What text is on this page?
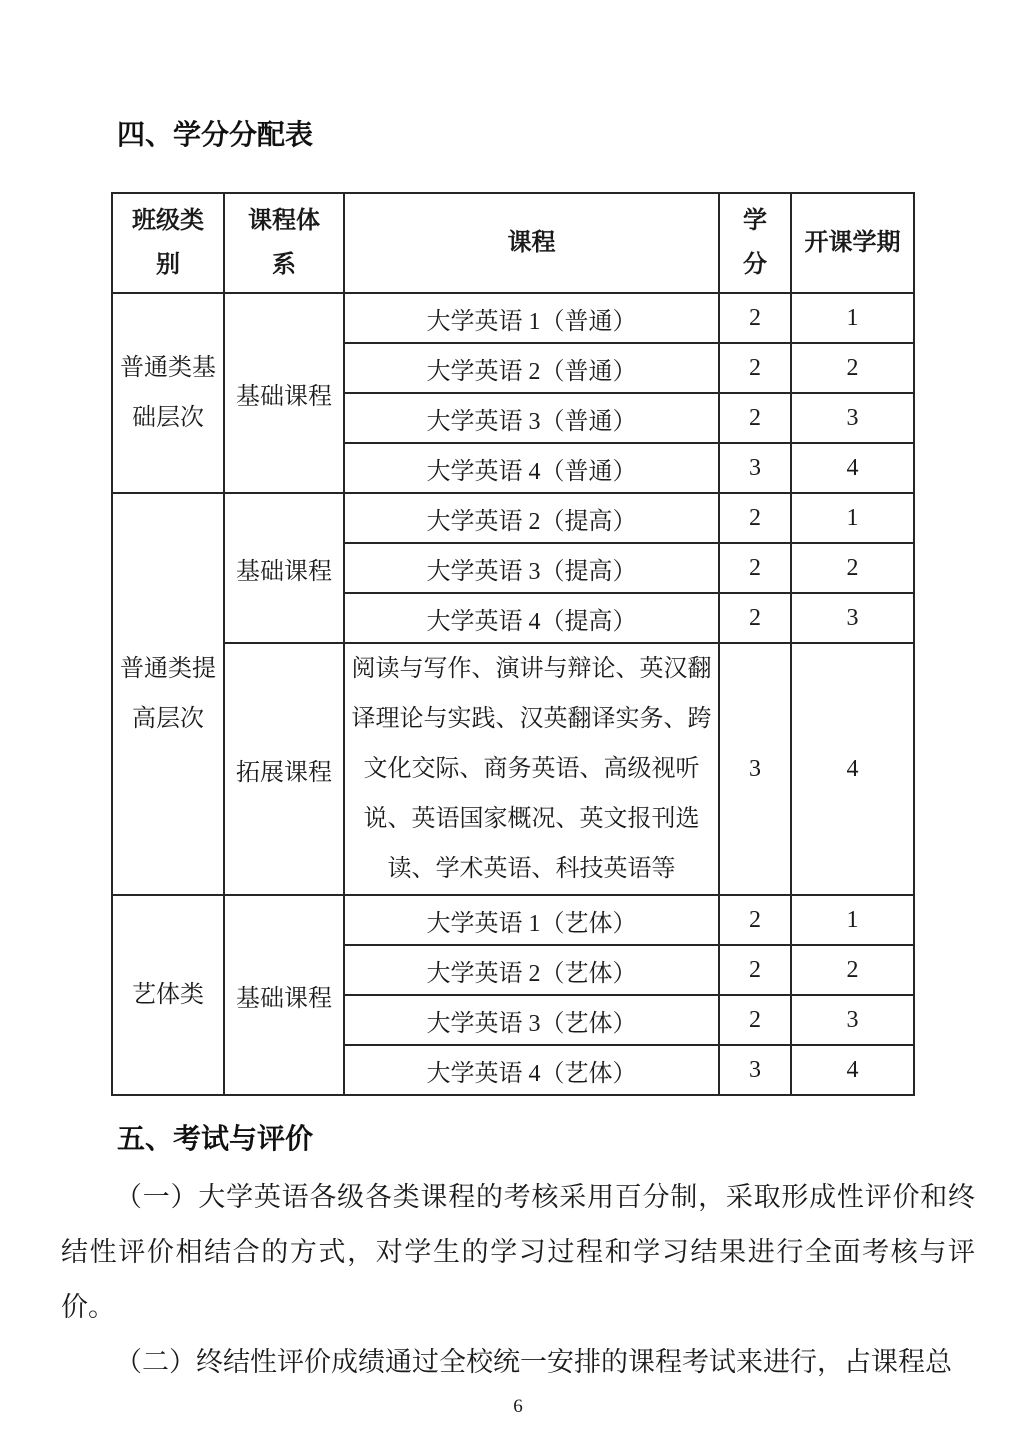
四、学分分配表
班级类别	课程体系	课程	学分	开课学期
普通类基础层次	基础课程	大学英语 1（普通）	2	1
		大学英语 2（普通）	2	2
		大学英语 3（普通）	2	3
		大学英语 4（普通）	3	4
普通类提高层次	基础课程	大学英语 2（提高）	2	1
		大学英语 3（提高）	2	2
		大学英语 4（提高）	2	3
	拓展课程	阅读与写作、演讲与辩论、英汉翻译理论与实践、汉英翻译实务、跨文化交际、商务英语、高级视听说、英语国家概况、英文报刊选读、学术英语、科技英语等	3	4
艺体类	基础课程	大学英语 1（艺体）	2	1
		大学英语 2（艺体）	2	2
		大学英语 3（艺体）	2	3
		大学英语 4（艺体）	3	4
五、考试与评价

（一）大学英语各级各类课程的考核采用百分制，采取形成性评价和终结性评价相结合的方式，对学生的学习过程和学习结果进行全面考核与评价。

（二）终结性评价成绩通过全校统一安排的课程考试来进行，占课程总

6
